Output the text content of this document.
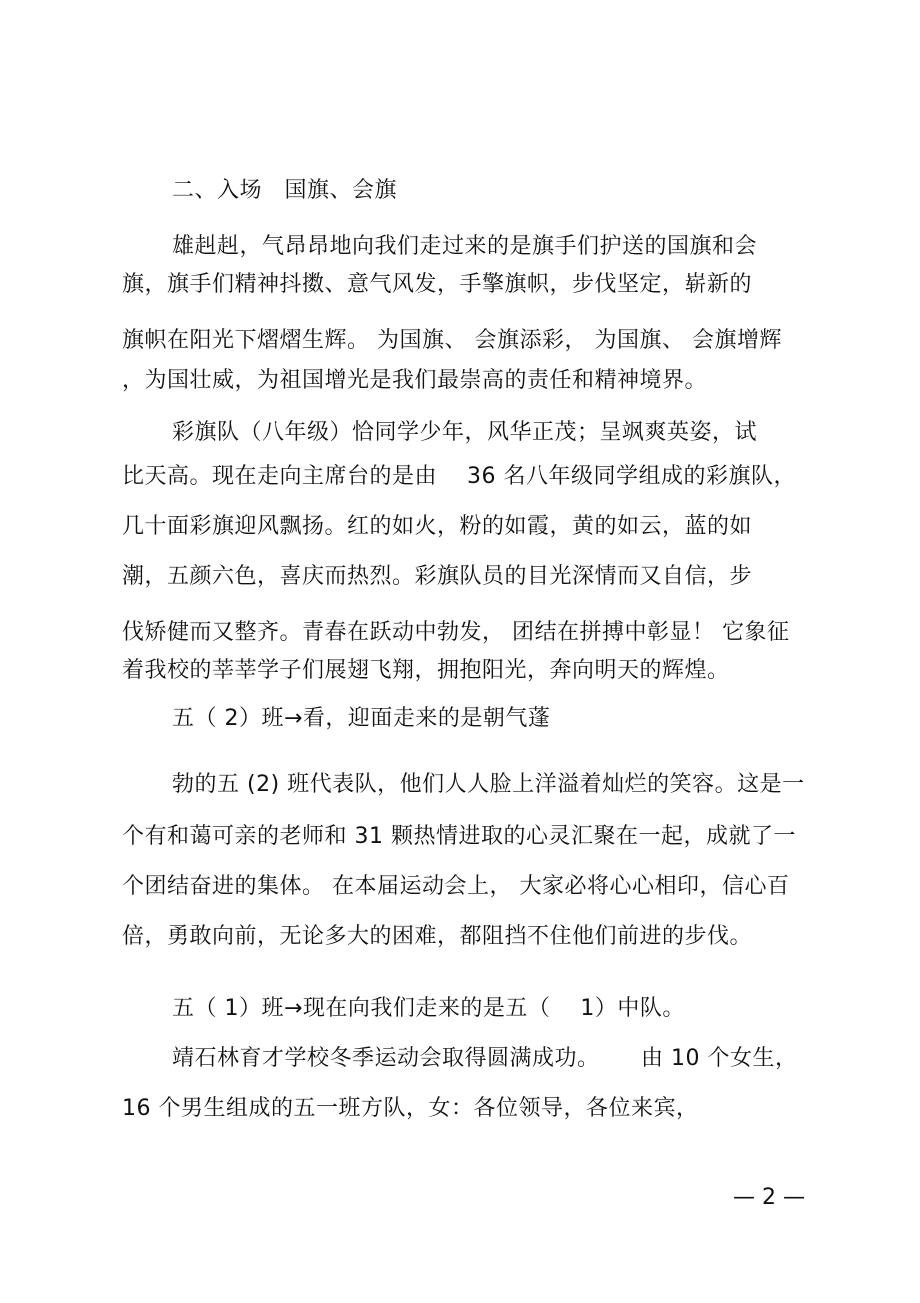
二、入场　国旗、会旗
雄赳赳，气昂昂地向我们走过来的是旗手们护送的国旗和会
旗，旗手们精神抖擞、意气风发，手擎旗帜，步伐坚定，崭新的
旗帜在阳光下熠熠生辉。 为国旗、 会旗添彩， 为国旗、 会旗增辉
，为国壮威，为祖国增光是我们最崇高的责任和精神境界。
彩旗队（八年级）恰同学少年，风华正茂；呈飒爽英姿，试
比天高。现在走向主席台的是由　 36 名八年级同学组成的彩旗队，
几十面彩旗迎风飘扬。红的如火，粉的如霞，黄的如云，蓝的如
潮，五颜六色，喜庆而热烈。彩旗队员的目光深情而又自信，步
伐矫健而又整齐。青春在跃动中勃发， 团结在拼搏中彰显！ 它象征
着我校的莘莘学子们展翅飞翔，拥抱阳光，奔向明天的辉煌。
五（ 2）班→看，迎面走来的是朝气蓬
勃的五 (2) 班代表队，他们人人脸上洋溢着灿烂的笑容。这是一
个有和蔼可亲的老师和 31 颗热情进取的心灵汇聚在一起，成就了一
个团结奋进的集体。 在本届运动会上， 大家必将心心相印，信心百
倍，勇敢向前，无论多大的困难，都阻挡不住他们前进的步伐。
五（ 1）班→现在向我们走来的是五（　 1）中队。
靖石林育才学校冬季运动会取得圆满成功。　　 由 10 个女生，
16 个男生组成的五一班方队，女：各位领导，各位来宾，
— 2 —
